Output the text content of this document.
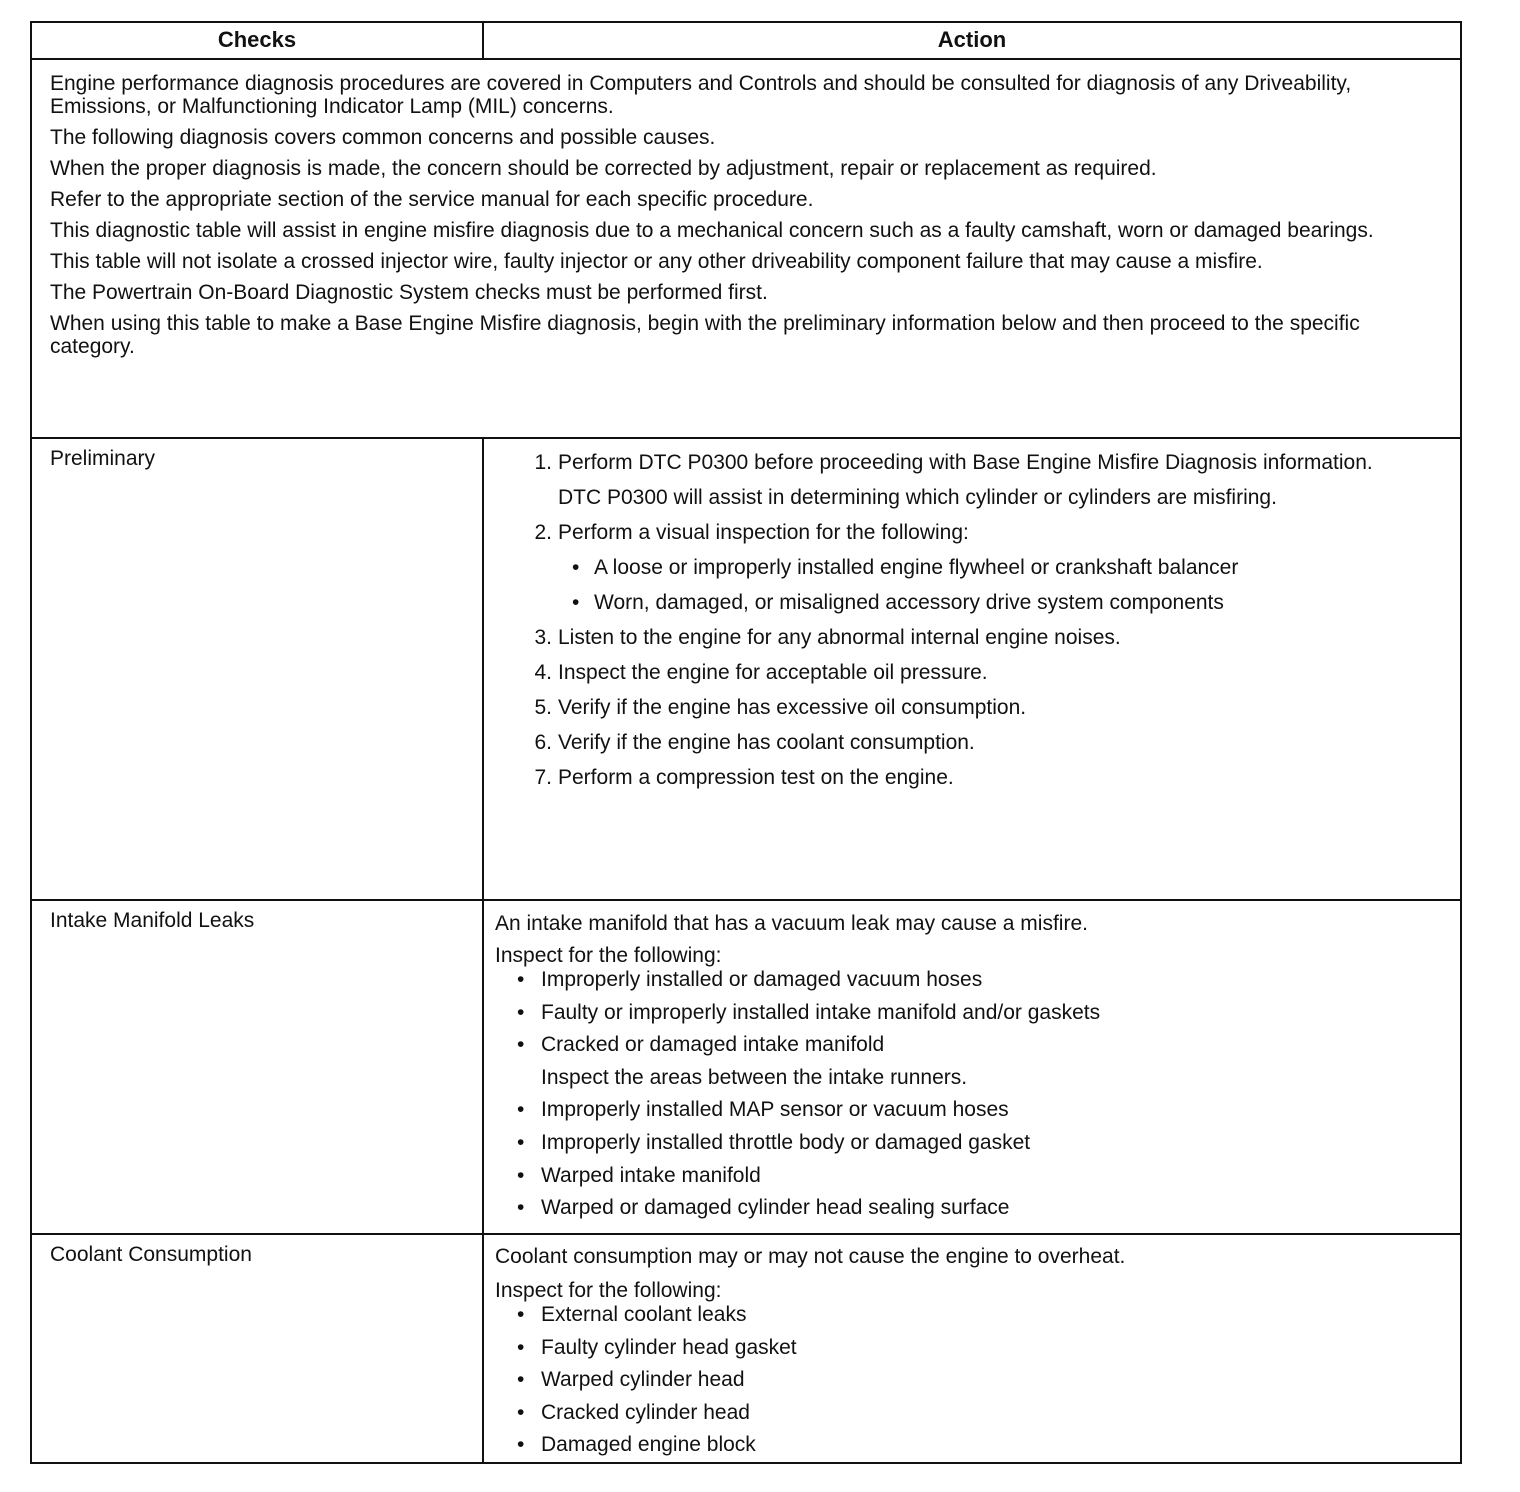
Checks	Action

Engine performance diagnosis procedures are covered in Computers and Controls and should be consulted for diagnosis of any Driveability, Emissions, or Malfunctioning Indicator Lamp (MIL) concerns.

The following diagnosis covers common concerns and possible causes.

When the proper diagnosis is made, the concern should be corrected by adjustment, repair or replacement as required.

Refer to the appropriate section of the service manual for each specific procedure.

This diagnostic table will assist in engine misfire diagnosis due to a mechanical concern such as a faulty camshaft, worn or damaged bearings.

This table will not isolate a crossed injector wire, faulty injector or any other driveability component failure that may cause a misfire.

The Powertrain On-Board Diagnostic System checks must be performed first.

When using this table to make a Base Engine Misfire diagnosis, begin with the preliminary information below and then proceed to the specific category.

Preliminary	1. Perform DTC P0300 before proceeding with Base Engine Misfire Diagnosis information.
DTC P0300 will assist in determining which cylinder or cylinders are misfiring.
2. Perform a visual inspection for the following:
• A loose or improperly installed engine flywheel or crankshaft balancer
• Worn, damaged, or misaligned accessory drive system components
3. Listen to the engine for any abnormal internal engine noises.
4. Inspect the engine for acceptable oil pressure.
5. Verify if the engine has excessive oil consumption.
6. Verify if the engine has coolant consumption.
7. Perform a compression test on the engine.
Intake Manifold Leaks	An intake manifold that has a vacuum leak may cause a misfire.

Inspect for the following:
• Improperly installed or damaged vacuum hoses
• Faulty or improperly installed intake manifold and/or gaskets
• Cracked or damaged intake manifold
Inspect the areas between the intake runners.
• Improperly installed MAP sensor or vacuum hoses
• Improperly installed throttle body or damaged gasket
• Warped intake manifold
• Warped or damaged cylinder head sealing surface
Coolant Consumption	Coolant consumption may or may not cause the engine to overheat.

Inspect for the following:
• External coolant leaks
• Faulty cylinder head gasket
• Warped cylinder head
• Cracked cylinder head
• Damaged engine block
